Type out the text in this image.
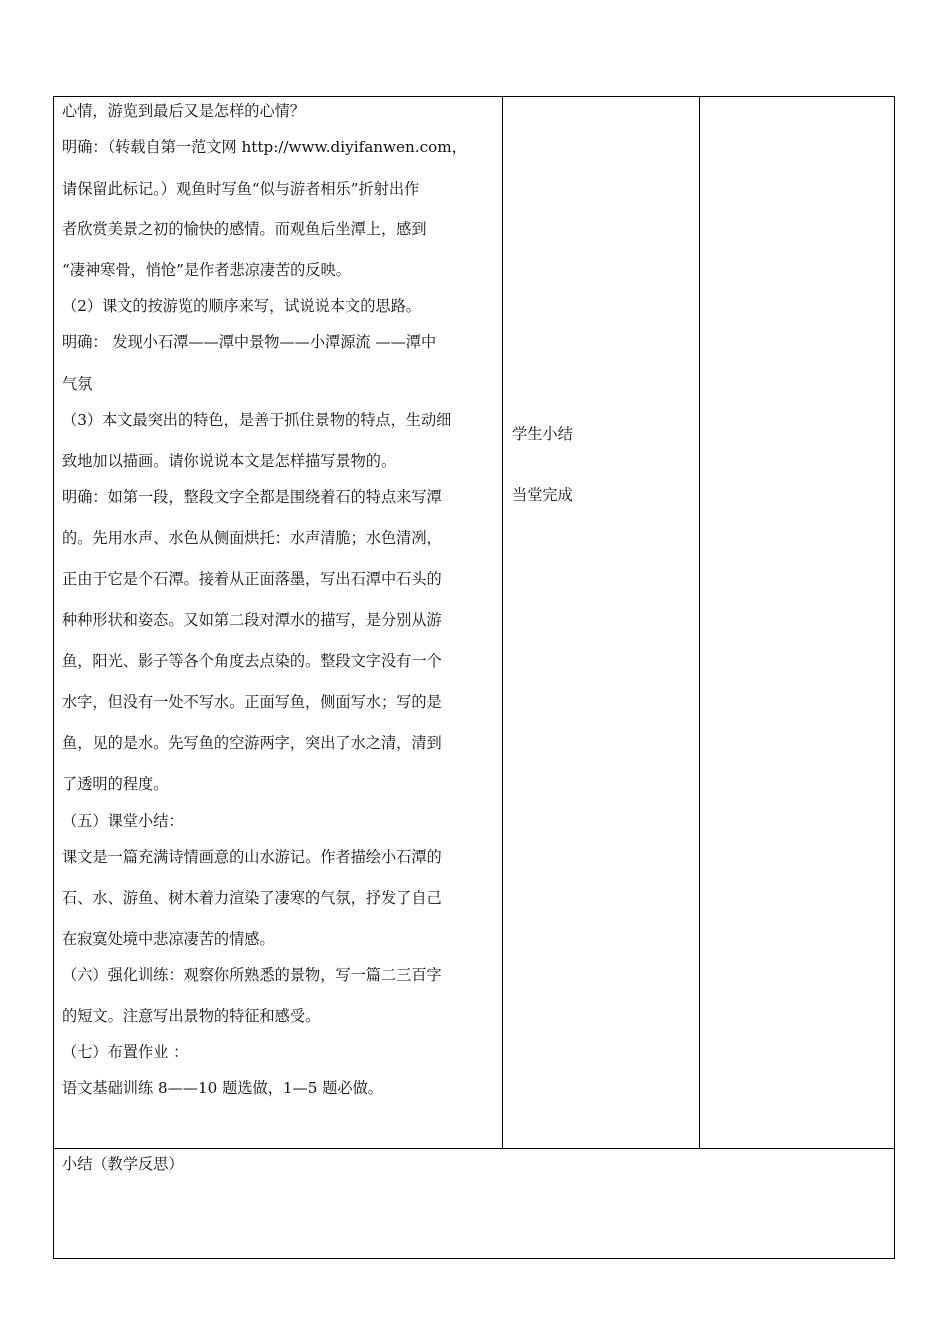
心情，游览到最后又是怎样的心情？
明确：（转载自第一范文网 http://www.diyifanwen.com，
请保留此标记。）观鱼时写鱼“似与游者相乐”折射出作
者欣赏美景之初的愉快的感情。而观鱼后坐潭上，感到
“凄神寒骨，悄怆”是作者悲凉凄苦的反映。
（2）课文的按游览的顺序来写，试说说本文的思路。
明确： 发现小石潭——潭中景物——小潭源流 ——潭中
气氛
（3）本文最突出的特色，是善于抓住景物的特点，生动细
致地加以描画。请你说说本文是怎样描写景物的。
明确：如第一段，整段文字全都是围绕着石的特点来写潭
的。先用水声、水色从侧面烘托：水声清脆；水色清冽，
正由于它是个石潭。接着从正面落墨，写出石潭中石头的
种种形状和姿态。又如第二段对潭水的描写，是分别从游
鱼，阳光、影子等各个角度去点染的。整段文字没有一个
水字，但没有一处不写水。正面写鱼，侧面写水；写的是
鱼，见的是水。先写鱼的空游两字，突出了水之清，清到
了透明的程度。
（五）课堂小结：
课文是一篇充满诗情画意的山水游记。作者描绘小石潭的
石、水、游鱼、树木着力渲染了凄寒的气氛，抒发了自己
在寂寞处境中悲凉凄苦的情感。
（六）强化训练：观察你所熟悉的景物，写一篇二三百字
的短文。注意写出景物的特征和感受。
（七）布置作业 ：
语文基础训练 8——10 题选做，1—5 题必做。
学生小结
当堂完成
小结（教学反思）
